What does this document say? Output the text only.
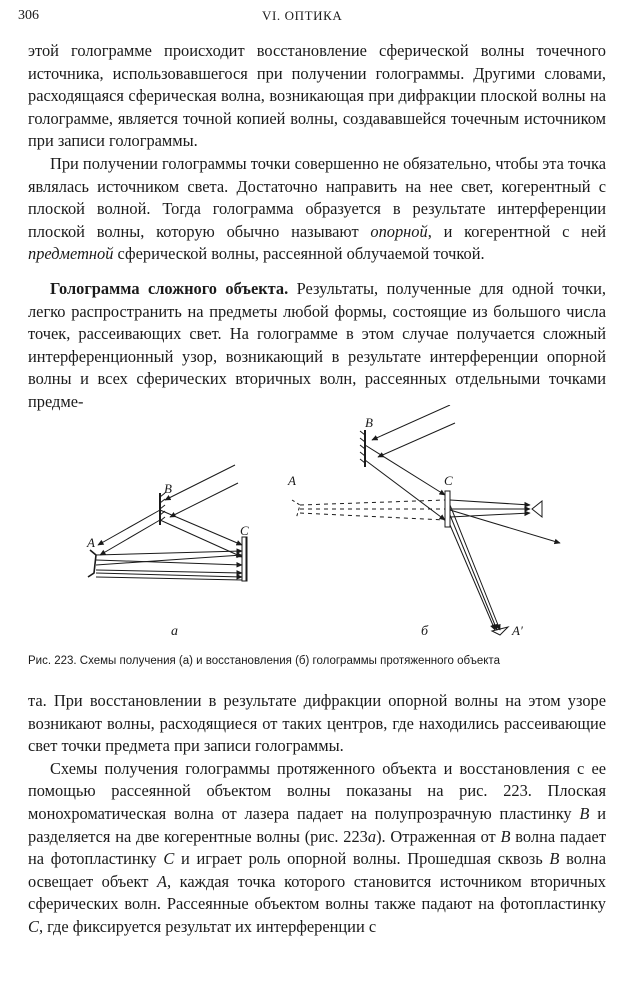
306	VI. ОПТИКА

этой голограмме происходит восстановление сферической волны точечного источника, использовавшегося при получении голограммы. Другими словами, расходящаяся сферическая волна, возникающая при дифракции плоской волны на голограмме, является точной копией волны, создававшейся точечным источником при записи голограммы.

При получении голограммы точки совершенно не обязательно, чтобы эта точка являлась источником света. Достаточно направить на нее свет, когерентный с плоской волной. Тогда голограмма образуется в результате интерференции плоской волны, которую обычно называют опорной, и когерентной с ней предметной сферической волны, рассеянной облучаемой точкой.

Голограмма сложного объекта. Результаты, полученные для одной точки, легко распространить на предметы любой формы, состоящие из большого числа точек, рассеивающих свет. На голограмме в этом случае получается сложный интерференционный узор, возникающий в результате интерференции опорной волны и всех сферических вторичных волн, рассеянных отдельными точками предме-

A
B
C
A
B
C
A′
а	б
Рис. 223. Схемы получения (а) и восстановления (б) голограммы протяженного объекта

та. При восстановлении в результате дифракции опорной волны на этом узоре возникают волны, расходящиеся от таких центров, где находились рассеивающие свет точки предмета при записи голограммы.

Схемы получения голограммы протяженного объекта и восстановления с ее помощью рассеянной объектом волны показаны на рис. 223. Плоская монохроматическая волна от лазера падает на полупрозрачную пластинку B и разделяется на две когерентные волны (рис. 223а). Отраженная от B волна падает на фотопластинку C и играет роль опорной волны. Прошедшая сквозь B волна освещает объект A, каждая точка которого становится источником вторичных сферических волн. Рассеянные объектом волны также падают на фотопластинку C, где фиксируется результат их интерференции с
